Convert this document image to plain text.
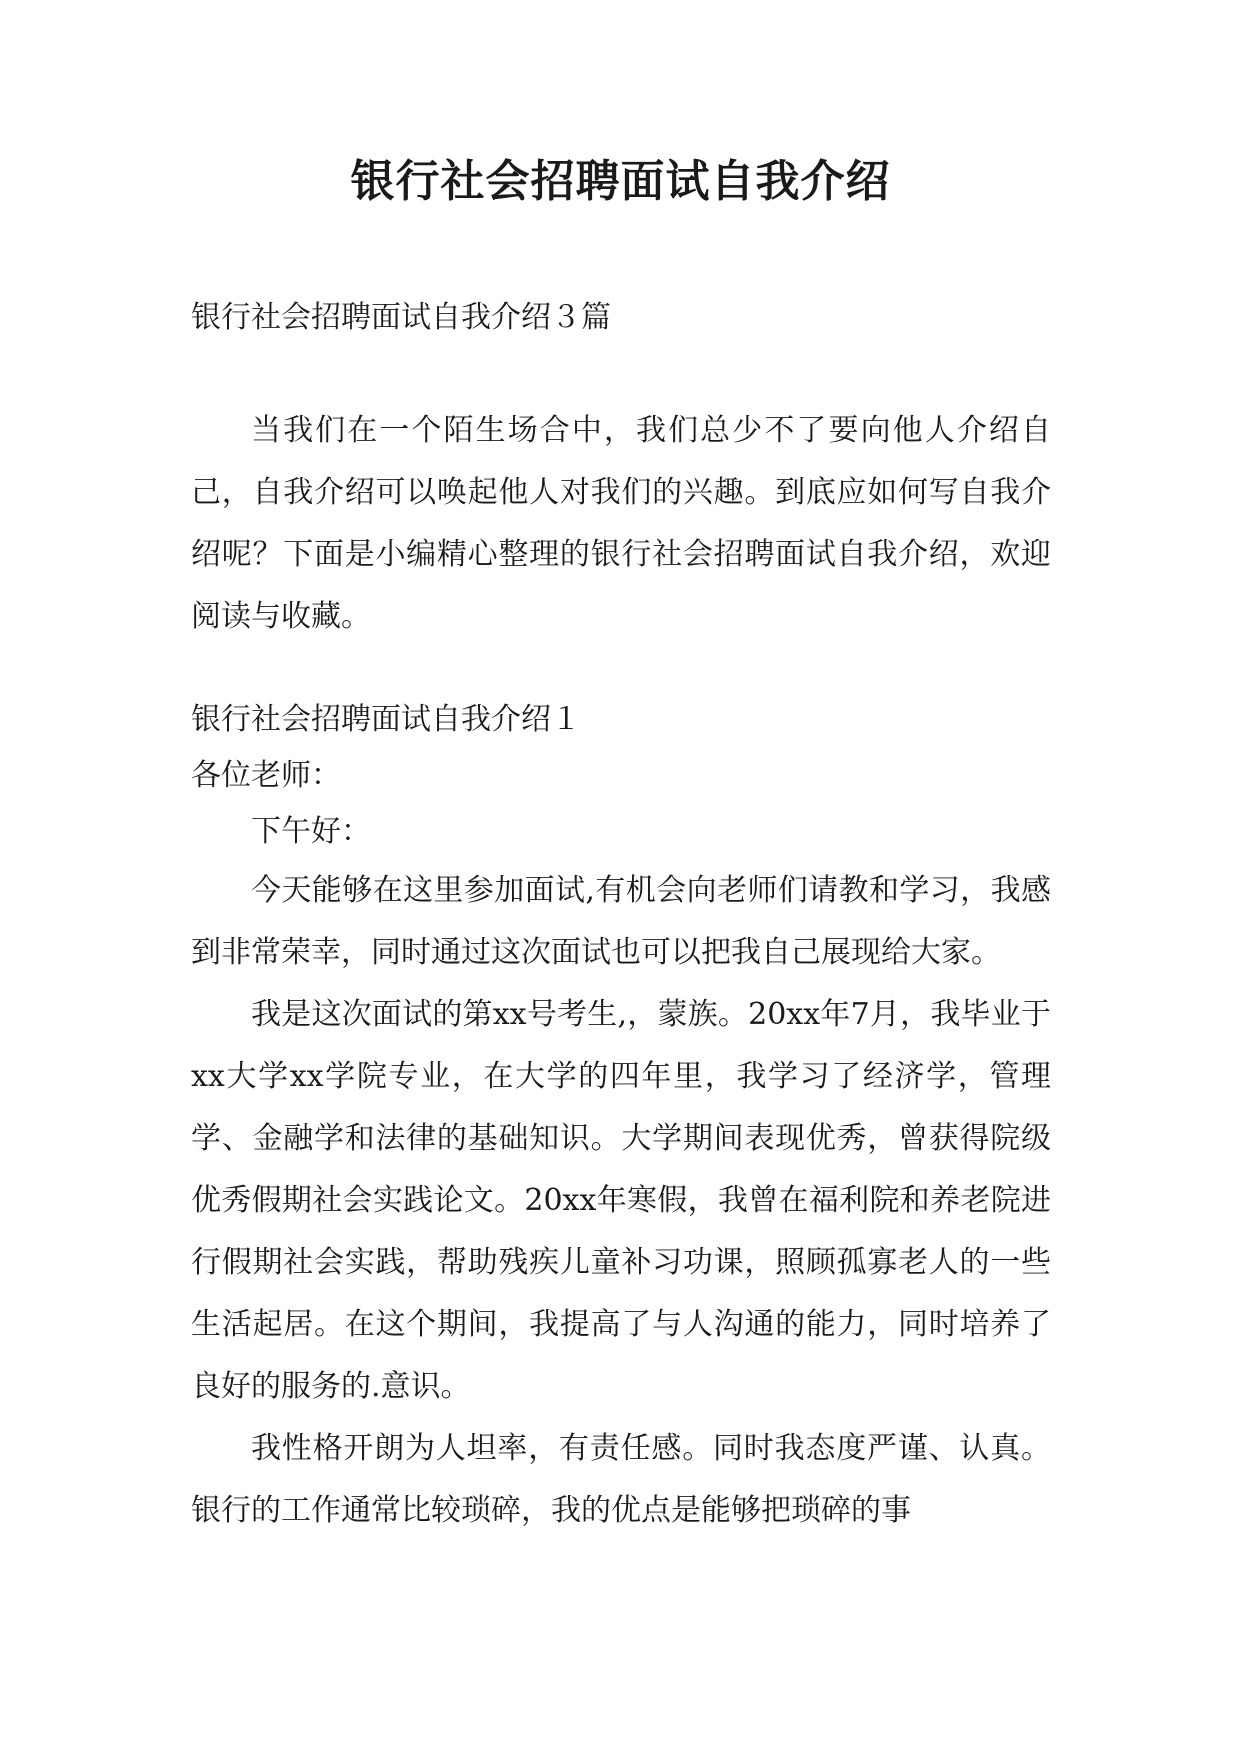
银行社会招聘面试自我介绍

银行社会招聘面试自我介绍３篇

当我们在一个陌生场合中，我们总少不了要向他人介绍自己，自我介绍可以唤起他人对我们的兴趣。到底应如何写自我介绍呢？下面是小编精心整理的银行社会招聘面试自我介绍，欢迎阅读与收藏。

银行社会招聘面试自我介绍１

各位老师：

下午好：

今天能够在这里参加面试,有机会向老师们请教和学习，我感到非常荣幸，同时通过这次面试也可以把我自己展现给大家。

我是这次面试的第xx号考生,，蒙族。20xx年7月，我毕业于xx大学xx学院专业，在大学的四年里，我学习了经济学，管理学、金融学和法律的基础知识。大学期间表现优秀，曾获得院级优秀假期社会实践论文。20xx年寒假，我曾在福利院和养老院进行假期社会实践，帮助残疾儿童补习功课，照顾孤寡老人的一些生活起居。在这个期间，我提高了与人沟通的能力，同时培养了良好的服务的.意识。

我性格开朗为人坦率，有责任感。同时我态度严谨、认真。银行的工作通常比较琐碎，我的优点是能够把琐碎的事
